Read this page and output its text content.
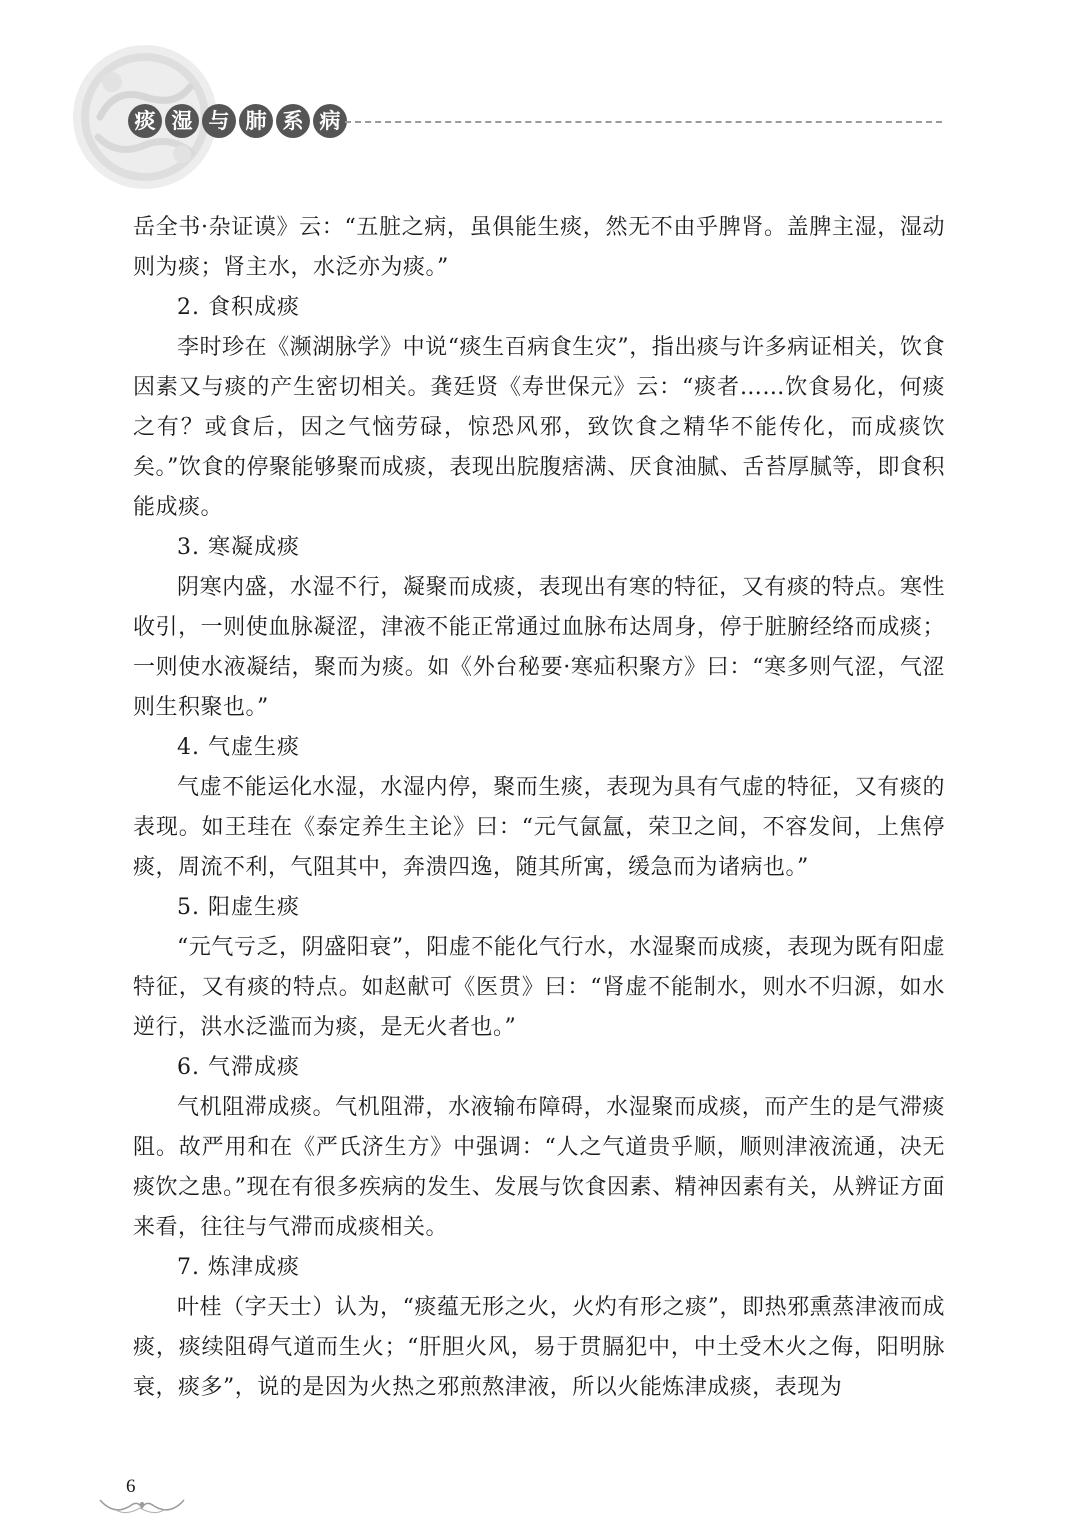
痰 湿 与 肺 系 病

岳全书·杂证谟》云：“五脏之病，虽俱能生痰，然无不由乎脾肾。盖脾主湿，湿动则为痰；肾主水，水泛亦为痰。”

2. 食积成痰

李时珍在《濒湖脉学》中说“痰生百病食生灾”，指出痰与许多病证相关，饮食因素又与痰的产生密切相关。龚廷贤《寿世保元》云：“痰者……饮食易化，何痰之有？或食后，因之气恼劳碌，惊恐风邪，致饮食之精华不能传化，而成痰饮矣。”饮食的停聚能够聚而成痰，表现出脘腹痞满、厌食油腻、舌苔厚腻等，即食积能成痰。

3. 寒凝成痰

阴寒内盛，水湿不行，凝聚而成痰，表现出有寒的特征，又有痰的特点。寒性收引，一则使血脉凝涩，津液不能正常通过血脉布达周身，停于脏腑经络而成痰；一则使水液凝结，聚而为痰。如《外台秘要·寒疝积聚方》曰：“寒多则气涩，气涩则生积聚也。”

4. 气虚生痰

气虚不能运化水湿，水湿内停，聚而生痰，表现为具有气虚的特征，又有痰的表现。如王珪在《泰定养生主论》曰：“元气氤氲，荣卫之间，不容发间，上焦停痰，周流不利，气阻其中，奔溃四逸，随其所寓，缓急而为诸病也。”

5. 阳虚生痰

“元气亏乏，阴盛阳衰”，阳虚不能化气行水，水湿聚而成痰，表现为既有阳虚特征，又有痰的特点。如赵献可《医贯》曰：“肾虚不能制水，则水不归源，如水逆行，洪水泛滥而为痰，是无火者也。”

6. 气滞成痰

气机阻滞成痰。气机阻滞，水液输布障碍，水湿聚而成痰，而产生的是气滞痰阻。故严用和在《严氏济生方》中强调：“人之气道贵乎顺，顺则津液流通，决无痰饮之患。”现在有很多疾病的发生、发展与饮食因素、精神因素有关，从辨证方面来看，往往与气滞而成痰相关。

7. 炼津成痰

叶桂（字天士）认为，“痰蕴无形之火，火灼有形之痰”，即热邪熏蒸津液而成痰，痰续阻碍气道而生火；“肝胆火风，易于贯膈犯中，中土受木火之侮，阳明脉衰，痰多”，说的是因为火热之邪煎熬津液，所以火能炼津成痰，表现为

6
